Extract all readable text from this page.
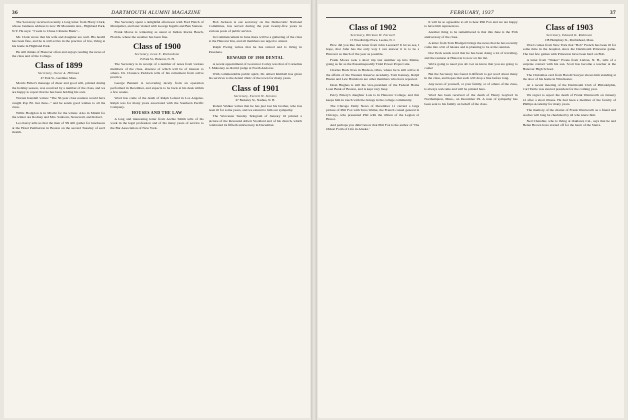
36	DARTMOUTH ALUMNI MAGAZINE

The Secretary received recently a long letter from Harry Clark, whose business address is now 99 Mountain Ave., Highland Park, N.Y. He says: "I went to Chase Citizens Bank"...

Mr. Clark wrote that his wife and daughter are well. His health has been fine, and he is still active in the practice of law, living at his home in Highland Park.

He still thinks of Hanover often and enjoys reading the news of the class and of the College.

Class of 1899
Secretary, Oscar A. Hillman
47 Park St., Gardiner, Mass.

Morris Fuller's message of cheer and good will, printed during the holiday season, was received by a number of the class, and we are happy to report that he has been holding his own.

Warren Kendall writes: "The 50-year class reunion would have caught Pop Bl. last June..." and he sends good wishes to all the class.

Willis Hodgdon is in Miami for the winter. Also in Miami for the winter are Rodney and Mrs. Sanborn, Stonewall, and Robert.

Leo Kerry tells us that the men of '99 still gather for luncheons at the Hotel Pemberton in Boston on the second Tuesday of each month.

The Secretary spent a delightful afternoon with Fred Hatch of Montpelier, and later visited with George Ingalls and Ben Stetson.

Frank Morse is wintering as usual at Indian Rocks Beach, Florida, where the weather has been fine.

Class of 1900
Secretary, Leon E. Richardson
15 Park St., Hanover, N. H.

The Secretary is in receipt of a number of notes from various members of the class, absence of which will be of interest to others. Dr. Clarence Paddock tells of his retirement from active practice.

George Bennett is recovering nicely from an operation performed in December, and expects to be back at his desk within a few weeks.

Word has come of the death of Ralph Leland in Los Angeles. Ralph was for many years associated with the Southern Pacific Company.

HOUSES AND THE LAW

A long and interesting letter from Archie Smith tells of his work in the legal profession and of his many years of service to the Bar Association of New York.

Bob Jackson is our secretary on the Democratic National Committee, has served during the past twenty-five years in various posts of public service.

In Commencement in June there will be a gathering of the class at the Hanover Inn, and all members are urged to attend.

Ralph Ewing writes that he has retired and is living in Pasadena.

REWARD OF 1900 DENTAL

A recent appointment of Governor Corley was that of Cornelius J. Mahoney as district judge at North Andover.

With commendable public spirit, Dr. Albert Kimball has given his services to the dental clinic of the town for many years.

Class of 1901
Secretary, Everett W. Stevens
67 Berkeley St., Nashua, N. H.

Robert Walker writes that he has just lost his brother, who has been ill for some years, and we extend to him our sympathy.

The Worcester Sunday Telegram of January 16 printed a picture of the Reverend Albert Stoddard and of his church, which celebrated its fiftieth anniversary in December.

FEBRUARY, 1937	37
Class of 1902
Secretary, Herman W. Farwell
15 Woodbridge Place, Leonia, N. J.

How did you like that letter from John Leonard? It let us see, I hope, that John has the only way I can answer it is to be a Hanover as much of the year as possible.

Frank Moore took a short trip last summer up into Maine, going as far as the Passamaquoddy Tidal Power Project site.

Charles Buck lives in Hudson, Ohio, where he is still active in the affairs of the Western Reserve Academy. Tom Kenney, Ralph Hazen and Lew Hartshorn are other members who have reported.

Dean Hughes is still the vice-president of the Federal Home Loan Bank of Boston, and is kept very busy.

Percy Emery's daughter Lois is in Hanover College, and this keeps him in touch with the doings in the college community.

The Chicago Daily News of December 11 carried a large picture of Phil Fox with Teno Waller, the French consul general in Chicago, who presented Phil with the ribbon of the Legion of Honor.

And perhaps you didn't know that Phil Fox is the author of 'The Oldest Form of Life in Alaska.'

It will be so agreeable to all to hear Phil Fox and we are happy to have him represent us.

Another thing to be remembered is that this June is the 35th anniversary of the class.

A letter from Tom Blodgett brings the news that he has recently come into a bit of leisure and is planning to be at the reunion.

Doc Peck sends word that he has been doing a lot of traveling, and the reunion at Hanover is now on his list.

We're going to need you all. Let us know that you are going to come!

But the Secretary has found it difficult to get word about many in the class, and hopes that each will drop a line before long.

Any news of yourself, or your family, or of others of the class, is always welcome and will be printed here.

Word has been received of the death of Henry Gaylord in Northampton, Mass., on December 29. A note of sympathy has been sent to his family on behalf of the class.

Class of 1903
Secretary, Edward K. Robinson
138 Humphrey St., Marblehead, Mass.

Word comes from New York that "Bob" French has been ill for some time in the hospital, since the Dartmouth Princeton game. The last few games with Princeton have been hard on Bob.

A letter from "Tinker" Evans from Lisbon, N. H., tells of a surprise contact with his son. Scott has become a teacher at the Hanover High School.

The Christmas card from Harold Sawyer shows him standing at the door of his home in Winchester.

At a recent meeting of the Dartmouth Club of Philadelphia, Carl Tuttle was elected president for the coming year.

We regret to report the death of Frank Wentworth on January 12 after a short illness. He had been a member of the faculty of Phillips Academy for many years.

The memory of the charter of Frank Wentworth as a friend and teacher will long be cherished by all who knew him.

Ned Chandler, who is living at Oakland, Cal., says that he and Helen Brown have started off for the heart of the Sierra.
